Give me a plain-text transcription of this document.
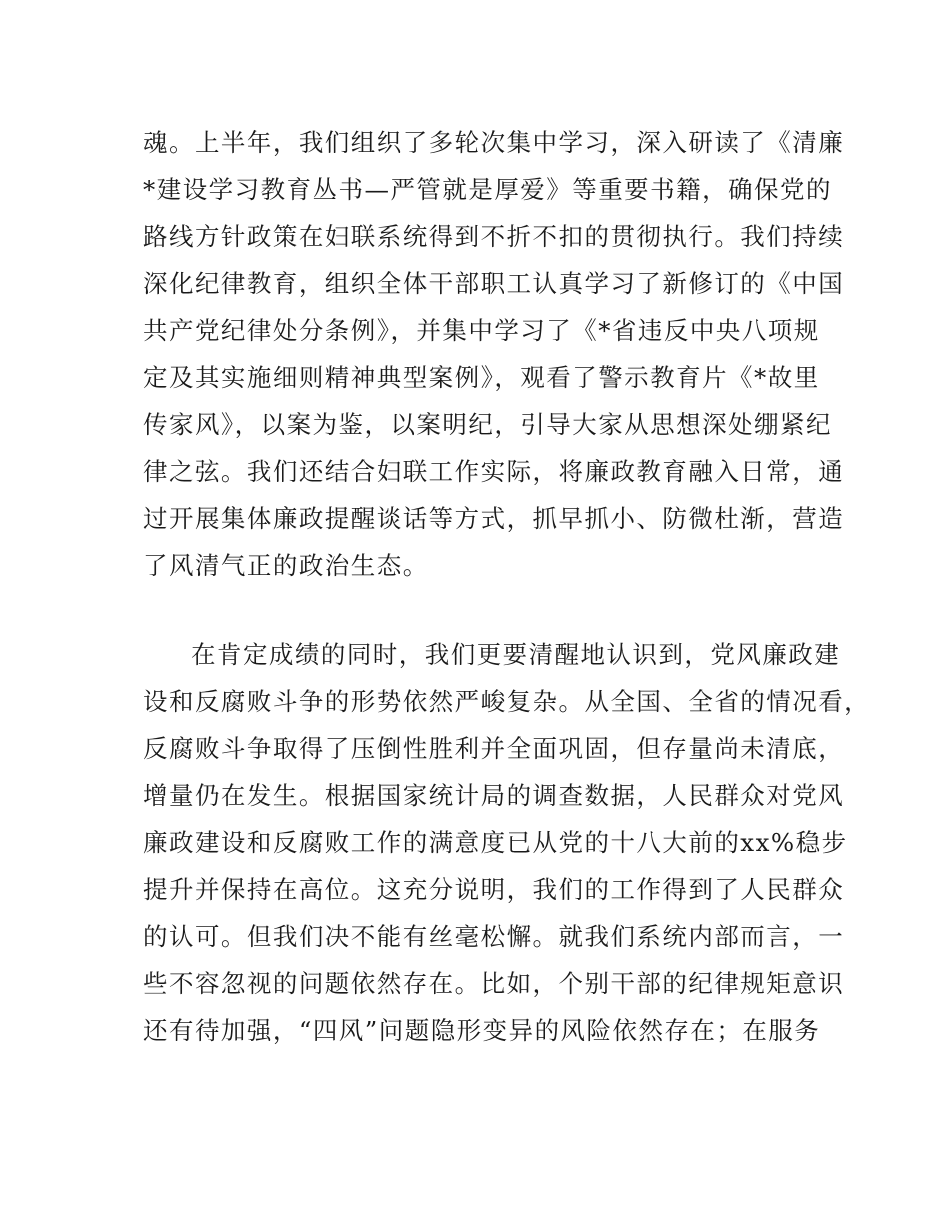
魂。上半年，我们组织了多轮次集中学习，深入研读了《清廉
*建设学习教育丛书—严管就是厚爱》等重要书籍，确保党的
路线方针政策在妇联系统得到不折不扣的贯彻执行。我们持续
深化纪律教育，组织全体干部职工认真学习了新修订的《中国
共产党纪律处分条例》，并集中学习了《*省违反中央八项规
定及其实施细则精神典型案例》，观看了警示教育片《*故里
传家风》，以案为鉴，以案明纪，引导大家从思想深处绷紧纪
律之弦。我们还结合妇联工作实际，将廉政教育融入日常，通
过开展集体廉政提醒谈话等方式，抓早抓小、防微杜渐，营造
了风清气正的政治生态。
在肯定成绩的同时，我们更要清醒地认识到，党风廉政建
设和反腐败斗争的形势依然严峻复杂。从全国、全省的情况看，
反腐败斗争取得了压倒性胜利并全面巩固，但存量尚未清底，
增量仍在发生。根据国家统计局的调查数据，人民群众对党风
廉政建设和反腐败工作的满意度已从党的十八大前的xx%稳步
提升并保持在高位。这充分说明，我们的工作得到了人民群众
的认可。但我们决不能有丝毫松懈。就我们系统内部而言，一
些不容忽视的问题依然存在。比如，个别干部的纪律规矩意识
还有待加强，“四风”问题隐形变异的风险依然存在；在服务
